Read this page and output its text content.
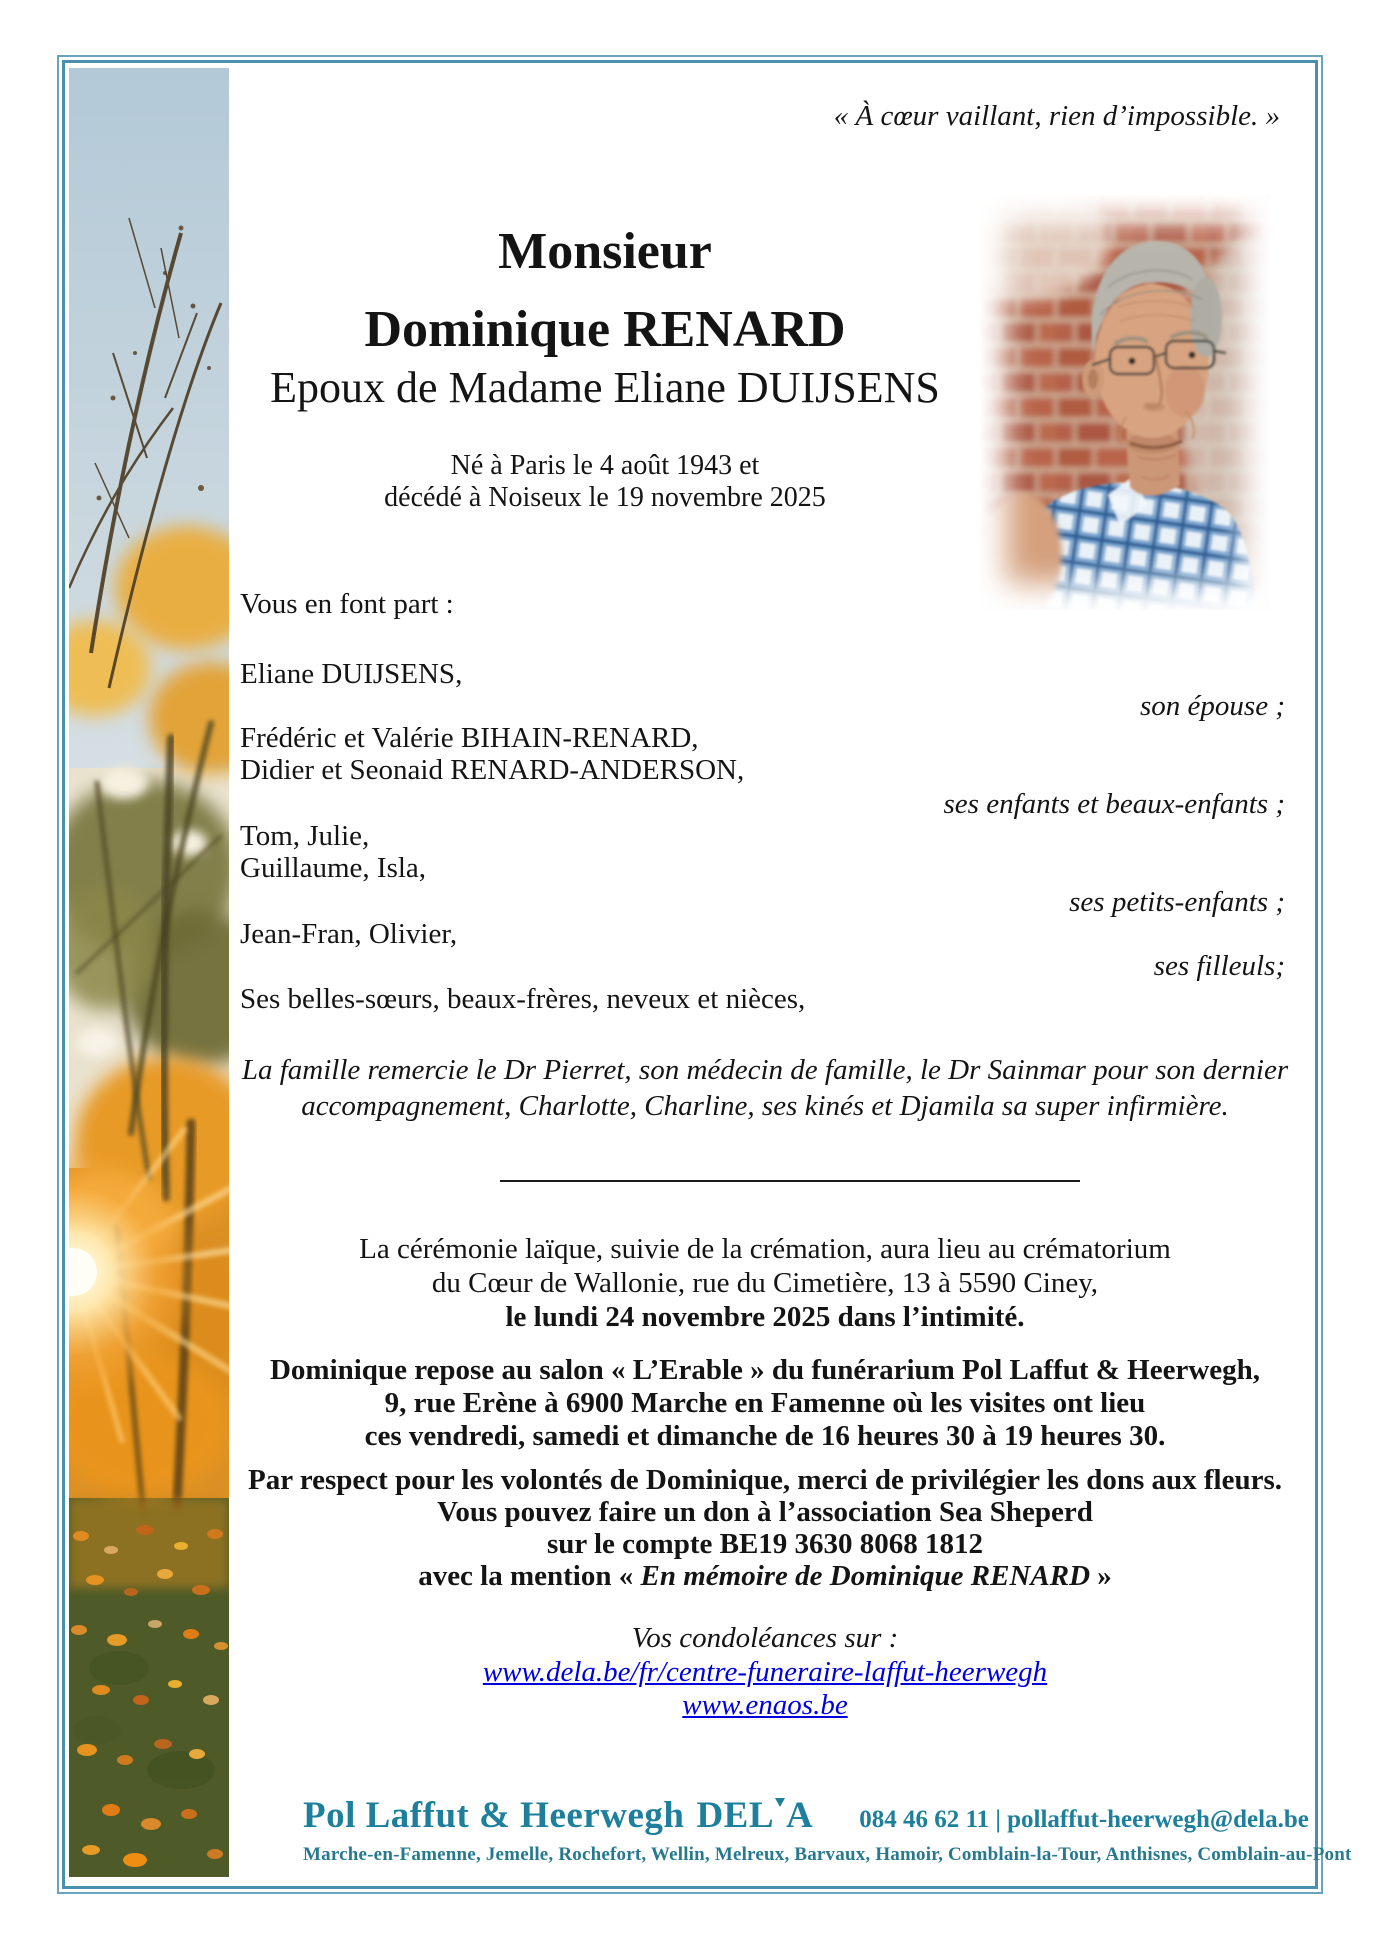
« À cœur vaillant, rien d’impossible. »
Monsieur
Dominique RENARD
Epoux de Madame Eliane DUIJSENS
Né à Paris le 4 août 1943 et
décédé à Noiseux le 19 novembre 2025
Vous en font part :
Eliane DUIJSENS,
son épouse ;
Frédéric et Valérie BIHAIN-RENARD,
Didier et Seonaid RENARD-ANDERSON,
ses enfants et beaux-enfants ;
Tom, Julie,
Guillaume, Isla,
ses petits-enfants ;
Jean-Fran, Olivier,
ses filleuls;
Ses belles-sœurs, beaux-frères, neveux et nièces,
La famille remercie le Dr Pierret, son médecin de famille, le Dr Sainmar pour son dernier
accompagnement, Charlotte, Charline, ses kinés et Djamila sa super infirmière.
La cérémonie laïque, suivie de la crémation, aura lieu au crématorium
du Cœur de Wallonie, rue du Cimetière, 13 à 5590 Ciney,
le lundi 24 novembre 2025 dans l’intimité.
Dominique repose au salon « L’Erable » du funérarium Pol Laffut & Heerwegh,
9, rue Erène à 6900 Marche en Famenne où les visites ont lieu
ces vendredi, samedi et dimanche de 16 heures 30 à 19 heures 30.
Par respect pour les volontés de Dominique, merci de privilégier les dons aux fleurs.
Vous pouvez faire un don à l’association Sea Sheperd
sur le compte BE19 3630 8068 1812
avec la mention « En mémoire de Dominique RENARD »
Vos condoléances sur :
www.dela.be/fr/centre-funeraire-laffut-heerwegh
www.enaos.be
Pol Laffut & Heerwegh DEL A 084 46 62 11 | pollaffut-heerwegh@dela.be
Marche-en-Famenne, Jemelle, Rochefort, Wellin, Melreux, Barvaux, Hamoir, Comblain-la-Tour, Anthisnes, Comblain-au-Pont
